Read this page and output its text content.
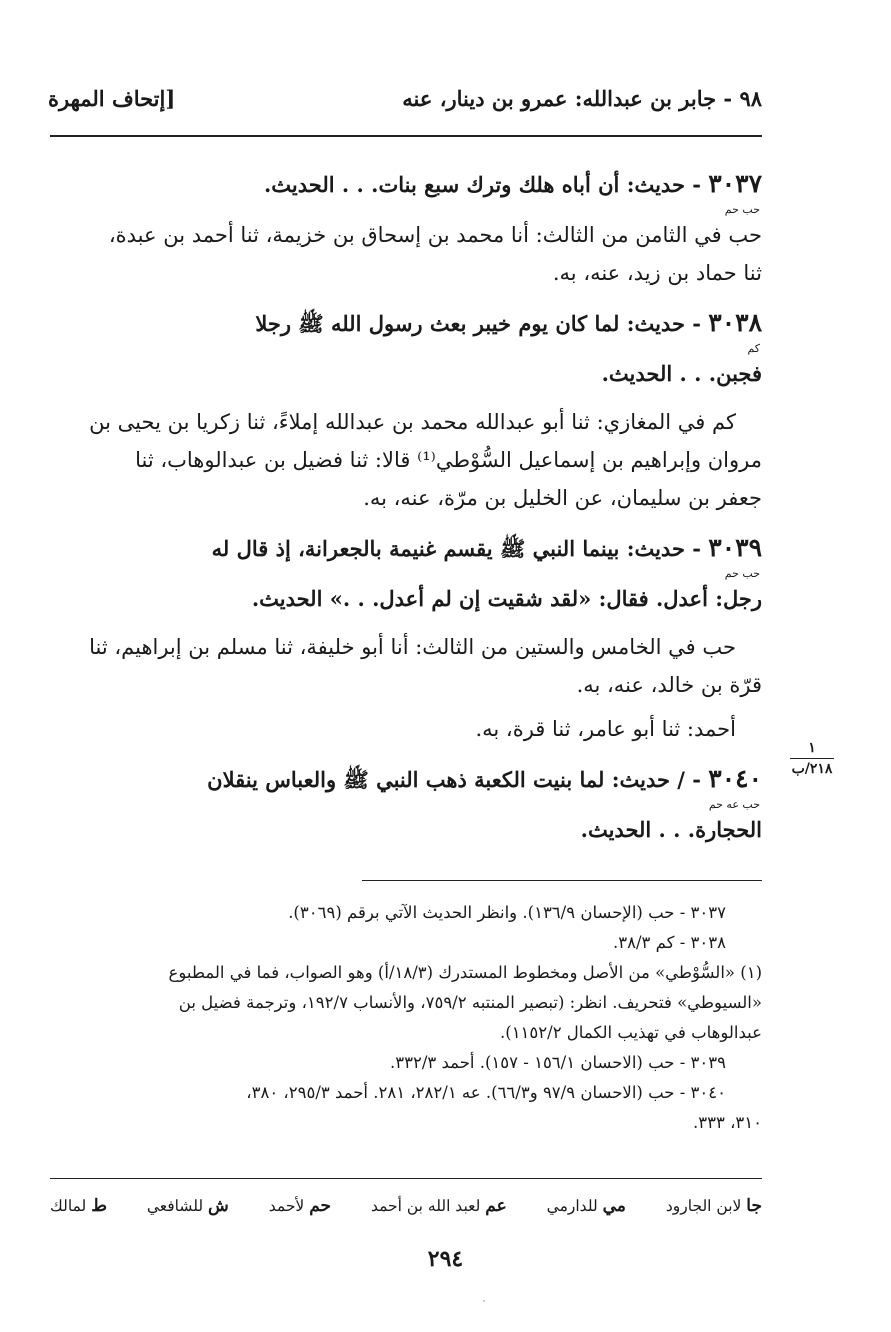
٩٨ - جابر بن عبدالله: عمرو بن دينار، عنه
[إتحاف المهرة
٣٠٣٧ - حديث: أن أباه هلك وترك سبع بنات. . . الحديث.
حب حم
حب في الثامن من الثالث: أنا محمد بن إسحاق بن خزيمة، ثنا أحمد بن عبدة،
ثنا حماد بن زيد، عنه، به.
٣٠٣٨ - حديث: لما كان يوم خيبر بعث رسول الله ﷺ رجلا
كم
فجبن. . . الحديث.
كم في المغازي: ثنا أبو عبدالله محمد بن عبدالله إملاءً، ثنا زكريا بن يحيى بن
مروان وإبراهيم بن إسماعيل السُّوْطي⁽¹⁾ قالا: ثنا فضيل بن عبدالوهاب، ثنا
جعفر بن سليمان، عن الخليل بن مرّة، عنه، به.
٣٠٣٩ - حديث: بينما النبي ﷺ يقسم غنيمة بالجعرانة، إذ قال له
حب حم
رجل: أعدل. فقال: «لقد شقيت إن لم أعدل. . .» الحديث.
حب في الخامس والستين من الثالث: أنا أبو خليفة، ثنا مسلم بن إبراهيم، ثنا
قرّة بن خالد، عنه، به.
أحمد: ثنا أبو عامر، ثنا قرة، به.
٣٠٤٠ - / حديث: لما بنيت الكعبة ذهب النبي ﷺ والعباس ينقلان
حب عه حم
الحجارة. . . الحديث.
١
٢١٨/ب
٣٠٣٧ - حب (الإحسان ١٣٦/٩). وانظر الحديث الآتي برقم (٣٠٦٩).
٣٠٣٨ - كم ٣٨/٣.
(١) «السُّوْطي» من الأصل ومخطوط المستدرك (١٨/٣/أ) وهو الصواب، فما في المطبوع
«السيوطي» فتحريف. انظر: (تبصير المنتبه ٧٥٩/٢، والأنساب ١٩٢/٧، وترجمة فضيل بن
عبدالوهاب في تهذيب الكمال ١١٥٢/٢).
٣٠٣٩ - حب (الاحسان ١٥٦/١ - ١٥٧). أحمد ٣٣٢/٣.
٣٠٤٠ - حب (الاحسان ٩٧/٩ و٦٦/٣). عه ٢٨٢/١، ٢٨١. أحمد ٢٩٥/٣، ٣٨٠،
٣١٠، ٣٣٣.
ط لمالك	ش للشافعي	حم لأحمد	عم لعبد الله بن أحمد	مي للدارمي	جا لابن الجارود
٢٩٤
